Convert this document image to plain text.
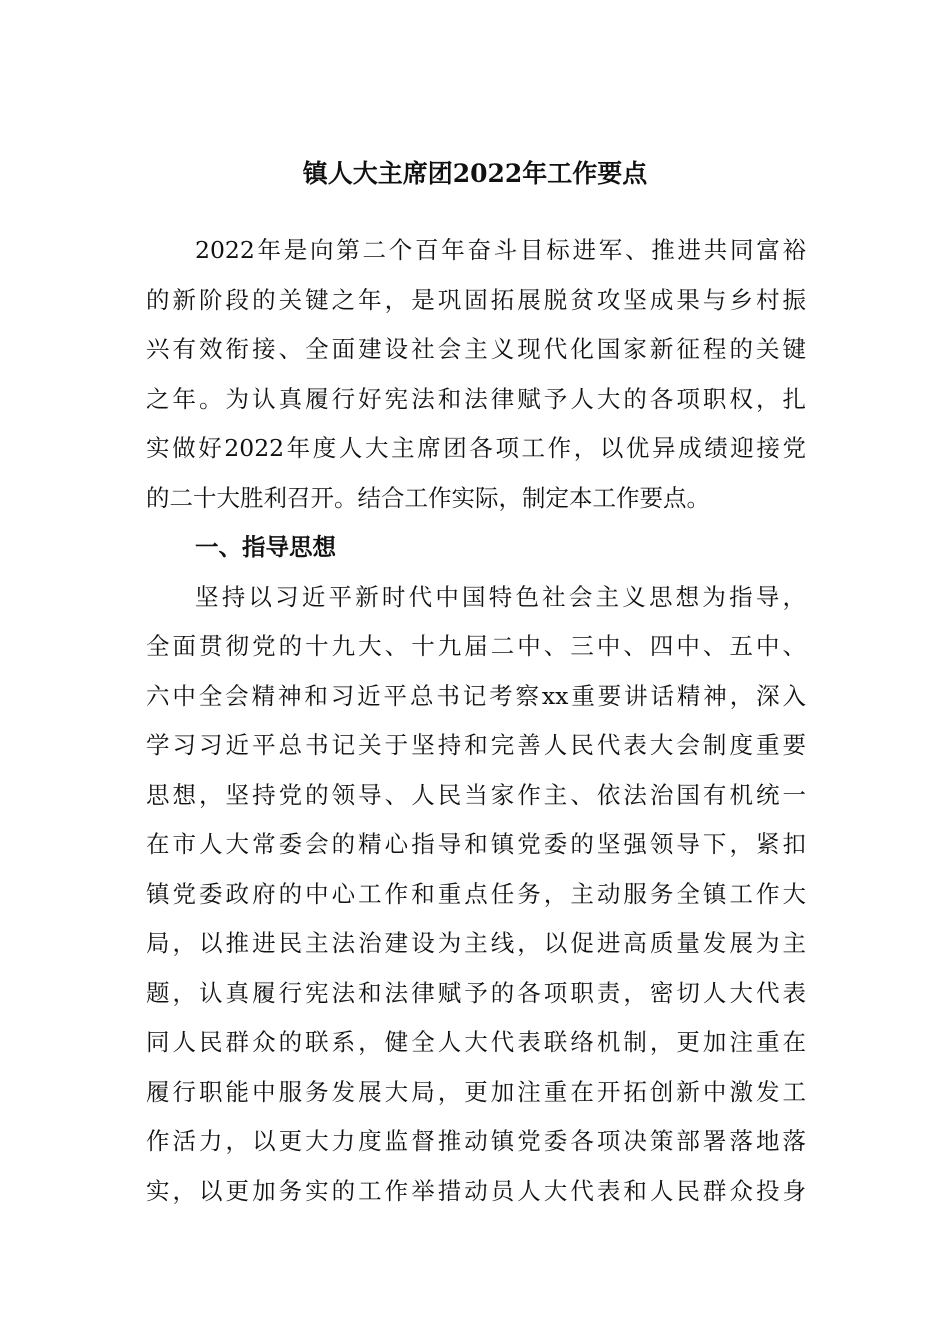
镇人大主席团2022年工作要点
2022年是向第二个百年奋斗目标进军、推进共同富裕
的新阶段的关键之年，是巩固拓展脱贫攻坚成果与乡村振
兴有效衔接、全面建设社会主义现代化国家新征程的关键
之年。为认真履行好宪法和法律赋予人大的各项职权，扎
实做好2022年度人大主席团各项工作，以优异成绩迎接党
的二十大胜利召开。结合工作实际，制定本工作要点。
一、指导思想
坚持以习近平新时代中国特色社会主义思想为指导，
全面贯彻党的十九大、十九届二中、三中、四中、五中、
六中全会精神和习近平总书记考察xx重要讲话精神，深入
学习习近平总书记关于坚持和完善人民代表大会制度重要
思想，坚持党的领导、人民当家作主、依法治国有机统一
在市人大常委会的精心指导和镇党委的坚强领导下，紧扣
镇党委政府的中心工作和重点任务，主动服务全镇工作大
局，以推进民主法治建设为主线，以促进高质量发展为主
题，认真履行宪法和法律赋予的各项职责，密切人大代表
同人民群众的联系，健全人大代表联络机制，更加注重在
履行职能中服务发展大局，更加注重在开拓创新中激发工
作活力，以更大力度监督推动镇党委各项决策部署落地落
实，以更加务实的工作举措动员人大代表和人民群众投身
